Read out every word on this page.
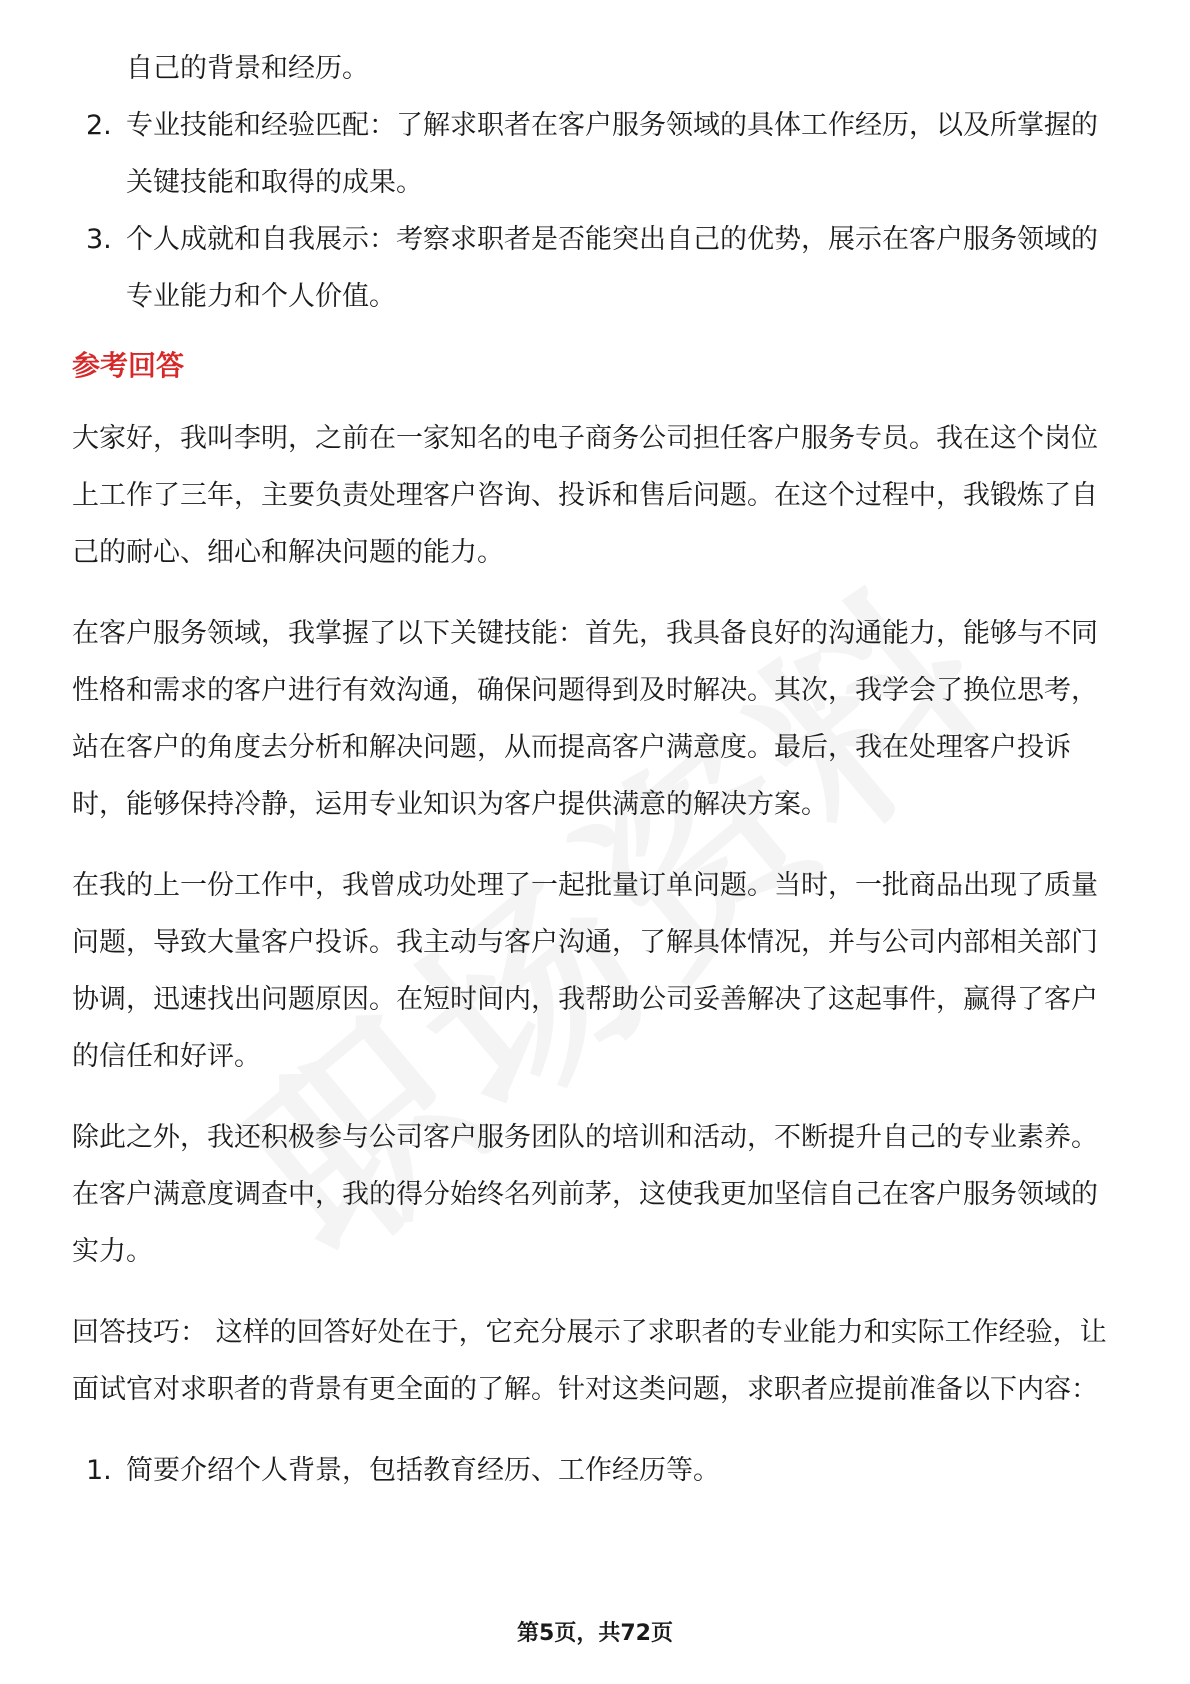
自己的背景和经历。

2. 专业技能和经验匹配：了解求职者在客户服务领域的具体工作经历，以及所掌握的关键技能和取得的成果。
3. 个人成就和自我展示：考察求职者是否能突出自己的优势，展示在客户服务领域的专业能力和个人价值。
参考回答

大家好，我叫李明，之前在一家知名的电子商务公司担任客户服务专员。我在这个岗位上工作了三年，主要负责处理客户咨询、投诉和售后问题。在这个过程中，我锻炼了自己的耐心、细心和解决问题的能力。

在客户服务领域，我掌握了以下关键技能：首先，我具备良好的沟通能力，能够与不同性格和需求的客户进行有效沟通，确保问题得到及时解决。其次，我学会了换位思考，站在客户的角度去分析和解决问题，从而提高客户满意度。最后，我在处理客户投诉时，能够保持冷静，运用专业知识为客户提供满意的解决方案。

在我的上一份工作中，我曾成功处理了一起批量订单问题。当时，一批商品出现了质量问题，导致大量客户投诉。我主动与客户沟通，了解具体情况，并与公司内部相关部门协调，迅速找出问题原因。在短时间内，我帮助公司妥善解决了这起事件，赢得了客户的信任和好评。

除此之外，我还积极参与公司客户服务团队的培训和活动，不断提升自己的专业素养。在客户满意度调查中，我的得分始终名列前茅，这使我更加坚信自己在客户服务领域的实力。

回答技巧： 这样的回答好处在于，它充分展示了求职者的专业能力和实际工作经验，让面试官对求职者的背景有更全面的了解。针对这类问题，求职者应提前准备以下内容：

1. 简要介绍个人背景，包括教育经历、工作经历等。
第5页，共72页
